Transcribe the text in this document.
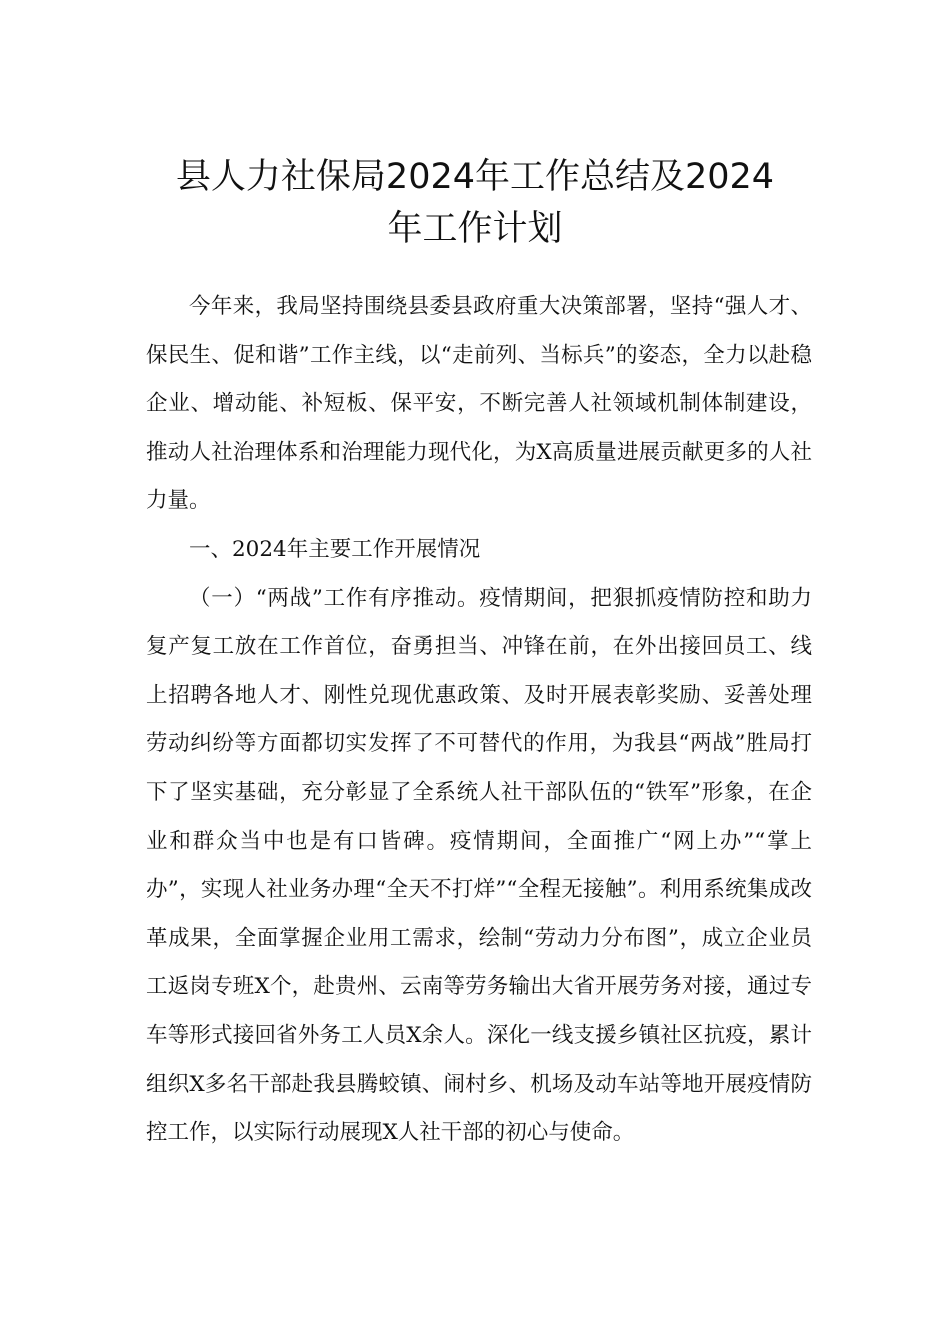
县人力社保局2024年工作总结及2024
年工作计划

今年来，我局坚持围绕县委县政府重大决策部署，坚持“强人才、保民生、促和谐”工作主线，以“走前列、当标兵”的姿态，全力以赴稳企业、增动能、补短板、保平安，不断完善人社领域机制体制建设，推动人社治理体系和治理能力现代化，为X高质量进展贡献更多的人社力量。

一、2024年主要工作开展情况

（一）“两战”工作有序推动。疫情期间，把狠抓疫情防控和助力复产复工放在工作首位，奋勇担当、冲锋在前，在外出接回员工、线上招聘各地人才、刚性兑现优惠政策、及时开展表彰奖励、妥善处理劳动纠纷等方面都切实发挥了不可替代的作用，为我县“两战”胜局打下了坚实基础，充分彰显了全系统人社干部队伍的“铁军”形象，在企业和群众当中也是有口皆碑。疫情期间，全面推广“网上办”“掌上办”，实现人社业务办理“全天不打烊”“全程无接触”。利用系统集成改革成果，全面掌握企业用工需求，绘制“劳动力分布图”，成立企业员工返岗专班X个，赴贵州、云南等劳务输出大省开展劳务对接，通过专车等形式接回省外务工人员X余人。深化一线支援乡镇社区抗疫，累计组织X多名干部赴我县腾蛟镇、闹村乡、机场及动车站等地开展疫情防控工作，以实际行动展现X人社干部的初心与使命。
